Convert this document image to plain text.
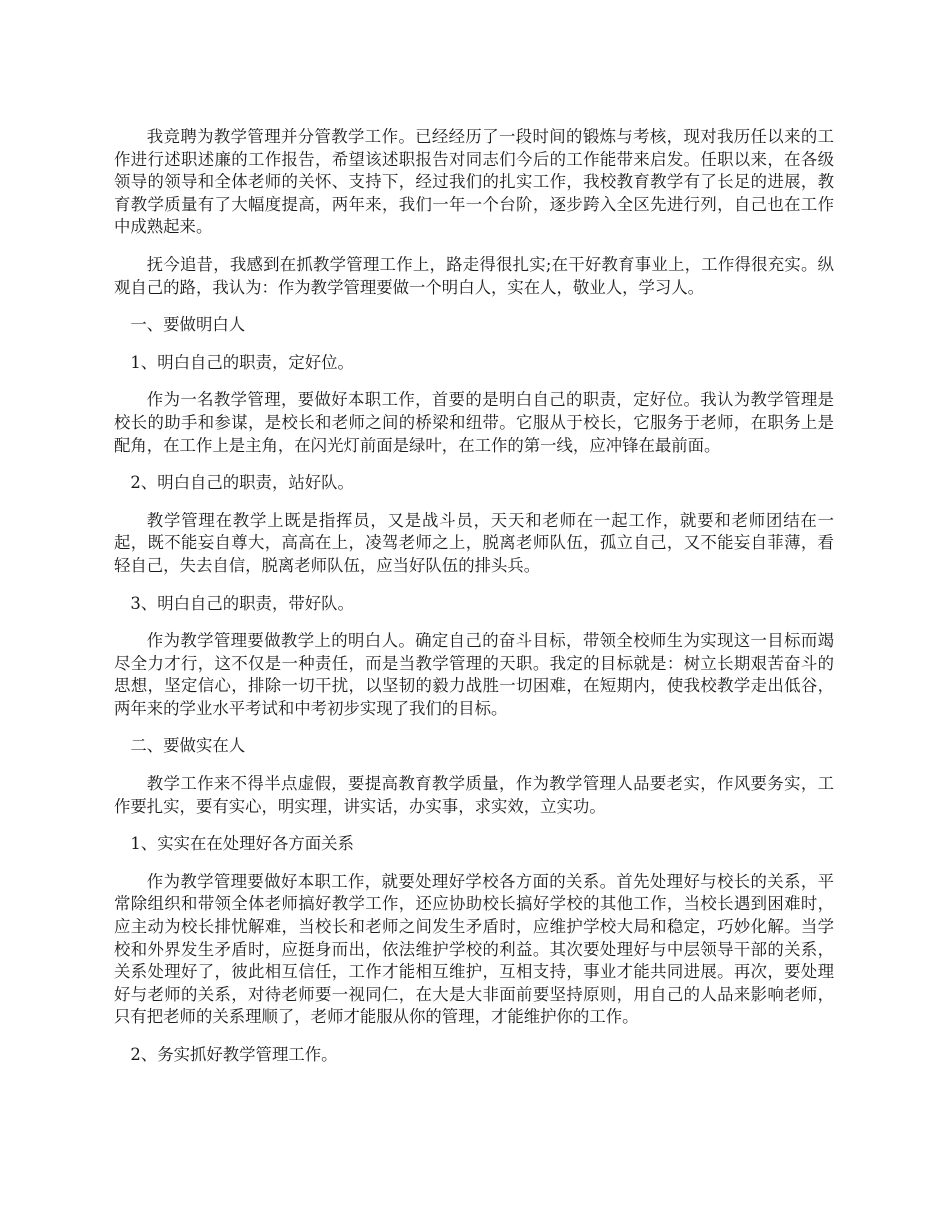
我竞聘为教学管理并分管教学工作。已经经历了一段时间的锻炼与考核，现对我历任以来的工作进行述职述廉的工作报告，希望该述职报告对同志们今后的工作能带来启发。任职以来，在各级领导的领导和全体老师的关怀、支持下，经过我们的扎实工作，我校教育教学有了长足的进展，教育教学质量有了大幅度提高，两年来，我们一年一个台阶，逐步跨入全区先进行列，自己也在工作中成熟起来。

抚今追昔，我感到在抓教学管理工作上，路走得很扎实;在干好教育事业上，工作得很充实。纵观自己的路，我认为：作为教学管理要做一个明白人，实在人，敬业人，学习人。

一、要做明白人

1、明白自己的职责，定好位。

作为一名教学管理，要做好本职工作，首要的是明白自己的职责，定好位。我认为教学管理是校长的助手和参谋，是校长和老师之间的桥梁和纽带。它服从于校长，它服务于老师，在职务上是配角，在工作上是主角，在闪光灯前面是绿叶，在工作的第一线，应冲锋在最前面。

2、明白自己的职责，站好队。

教学管理在教学上既是指挥员，又是战斗员，天天和老师在一起工作，就要和老师团结在一起，既不能妄自尊大，高高在上，凌驾老师之上，脱离老师队伍，孤立自己，又不能妄自菲薄，看轻自己，失去自信，脱离老师队伍，应当好队伍的排头兵。

3、明白自己的职责，带好队。

作为教学管理要做教学上的明白人。确定自己的奋斗目标，带领全校师生为实现这一目标而竭尽全力才行，这不仅是一种责任，而是当教学管理的天职。我定的目标就是：树立长期艰苦奋斗的思想，坚定信心，排除一切干扰，以坚韧的毅力战胜一切困难，在短期内，使我校教学走出低谷，两年来的学业水平考试和中考初步实现了我们的目标。

二、要做实在人

教学工作来不得半点虚假，要提高教育教学质量，作为教学管理人品要老实，作风要务实，工作要扎实，要有实心，明实理，讲实话，办实事，求实效，立实功。

1、实实在在处理好各方面关系

作为教学管理要做好本职工作，就要处理好学校各方面的关系。首先处理好与校长的关系，平常除组织和带领全体老师搞好教学工作，还应协助校长搞好学校的其他工作，当校长遇到困难时，应主动为校长排忧解难，当校长和老师之间发生矛盾时，应维护学校大局和稳定，巧妙化解。当学校和外界发生矛盾时，应挺身而出，依法维护学校的利益。其次要处理好与中层领导干部的关系，关系处理好了，彼此相互信任，工作才能相互维护，互相支持，事业才能共同进展。再次，要处理好与老师的关系，对待老师要一视同仁，在大是大非面前要坚持原则，用自己的人品来影响老师，只有把老师的关系理顺了，老师才能服从你的管理，才能维护你的工作。

2、务实抓好教学管理工作。
